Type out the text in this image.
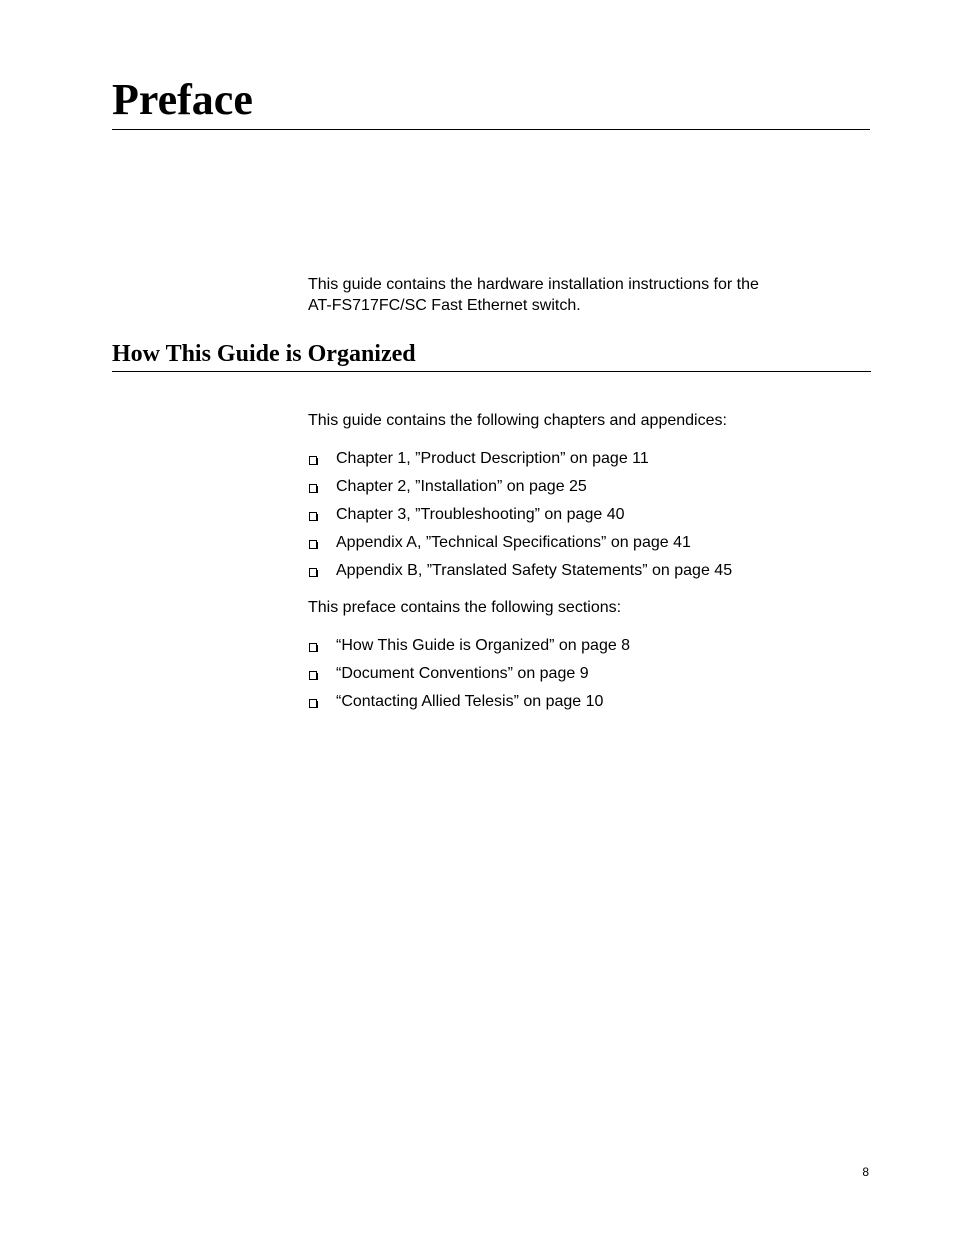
Preface

This guide contains the hardware installation instructions for the
AT-FS717FC/SC Fast Ethernet switch.

How This Guide is Organized

This guide contains the following chapters and appendices:

Chapter 1, ”Product Description” on page 11
Chapter 2, ”Installation” on page 25
Chapter 3, ”Troubleshooting” on page 40
Appendix A, ”Technical Specifications” on page 41
Appendix B, ”Translated Safety Statements” on page 45

This preface contains the following sections:

“How This Guide is Organized” on page 8
“Document Conventions” on page 9
“Contacting Allied Telesis” on page 10
8
